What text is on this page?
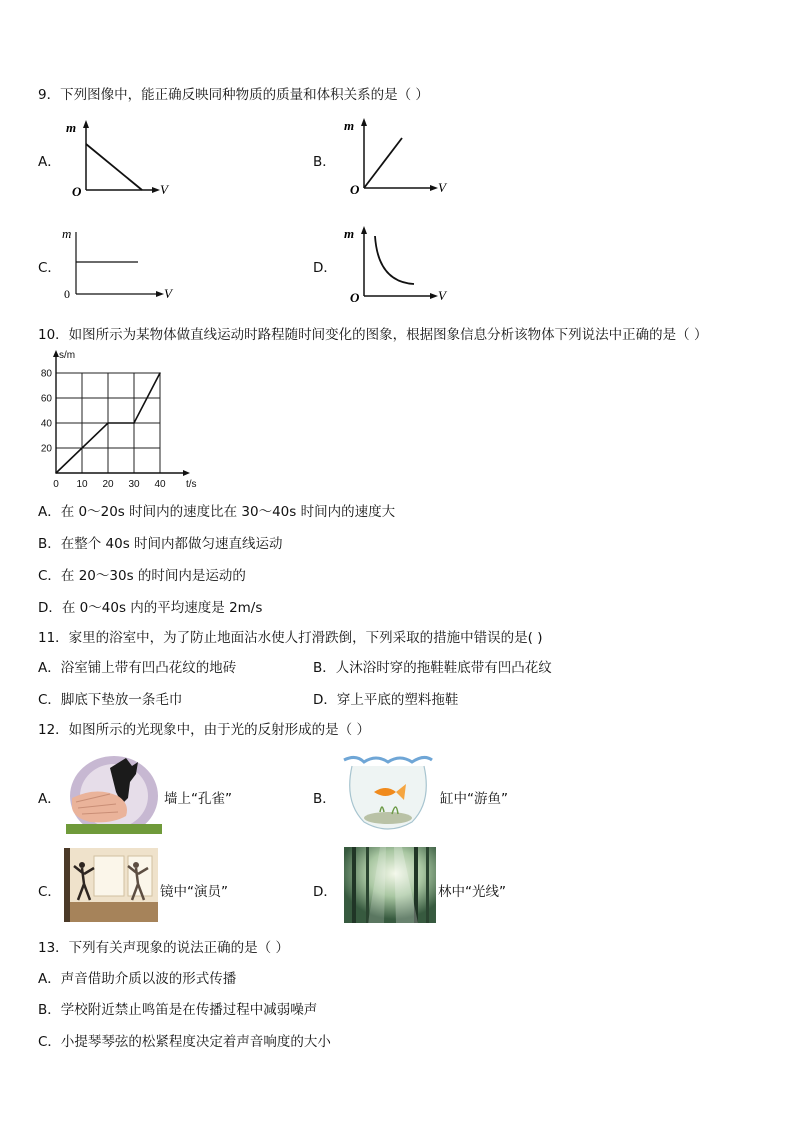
9．下列图像中，能正确反映同种物质的质量和体积关系的是（ ）
A．
m
V
O
B．
m
V
O
C．
m
V
0
D．
m
V
O
10．如图所示为某物体做直线运动时路程随时间变化的图象，根据图象信息分析该物体下列说法中正确的是（ ）
0 10 20 30 40
20
40
60
80
s/m
t/s
A．在 0～20s 时间内的速度比在 30～40s 时间内的速度大
B．在整个 40s 时间内都做匀速直线运动
C．在 20～30s 的时间内是运动的
D．在 0～40s 内的平均速度是 2m/s
11．家里的浴室中，为了防止地面沾水使人打滑跌倒，下列采取的措施中错误的是( )
A．浴室铺上带有凹凸花纹的地砖	B．人沐浴时穿的拖鞋鞋底带有凹凸花纹
C．脚底下垫放一条毛巾	D．穿上平底的塑料拖鞋
12．如图所示的光现象中，由于光的反射形成的是（ ）
A．	墙上“孔雀”	B．	缸中“游鱼”
C．	镜中“演员”	D．	林中“光线”
13．下列有关声现象的说法正确的是（ ）
A．声音借助介质以波的形式传播
B．学校附近禁止鸣笛是在传播过程中减弱噪声
C．小提琴琴弦的松紧程度决定着声音响度的大小
